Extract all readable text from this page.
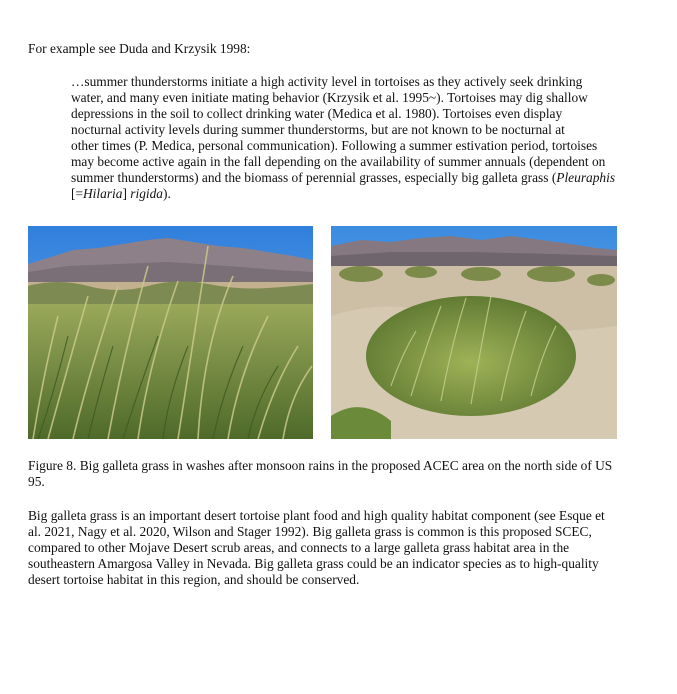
For example see Duda and Krzysik 1998:
…summer thunderstorms initiate a high activity level in tortoises as they actively seek drinking
water, and many even initiate mating behavior (Krzysik et al. 1995~). Tortoises may dig shallow
depressions in the soil to collect drinking water (Medica et al. 1980). Tortoises even display
nocturnal activity levels during summer thunderstorms, but are not known to be nocturnal at
other times (P. Medica, personal communication). Following a summer estivation period, tortoises
may become active again in the fall depending on the availability of summer annuals (dependent on
summer thunderstorms) and the biomass of perennial grasses, especially big galleta grass (Pleuraphis
[=Hilaria] rigida).
Figure 8. Big galleta grass in washes after monsoon rains in the proposed ACEC area on the north side of US
95.
Big galleta grass is an important desert tortoise plant food and high quality habitat component (see Esque et
al. 2021, Nagy et al. 2020, Wilson and Stager 1992). Big galleta grass is common is this proposed SCEC,
compared to other Mojave Desert scrub areas, and connects to a large galleta grass habitat area in the
southeastern Amargosa Valley in Nevada. Big galleta grass could be an indicator species as to high-quality
desert tortoise habitat in this region, and should be conserved.
